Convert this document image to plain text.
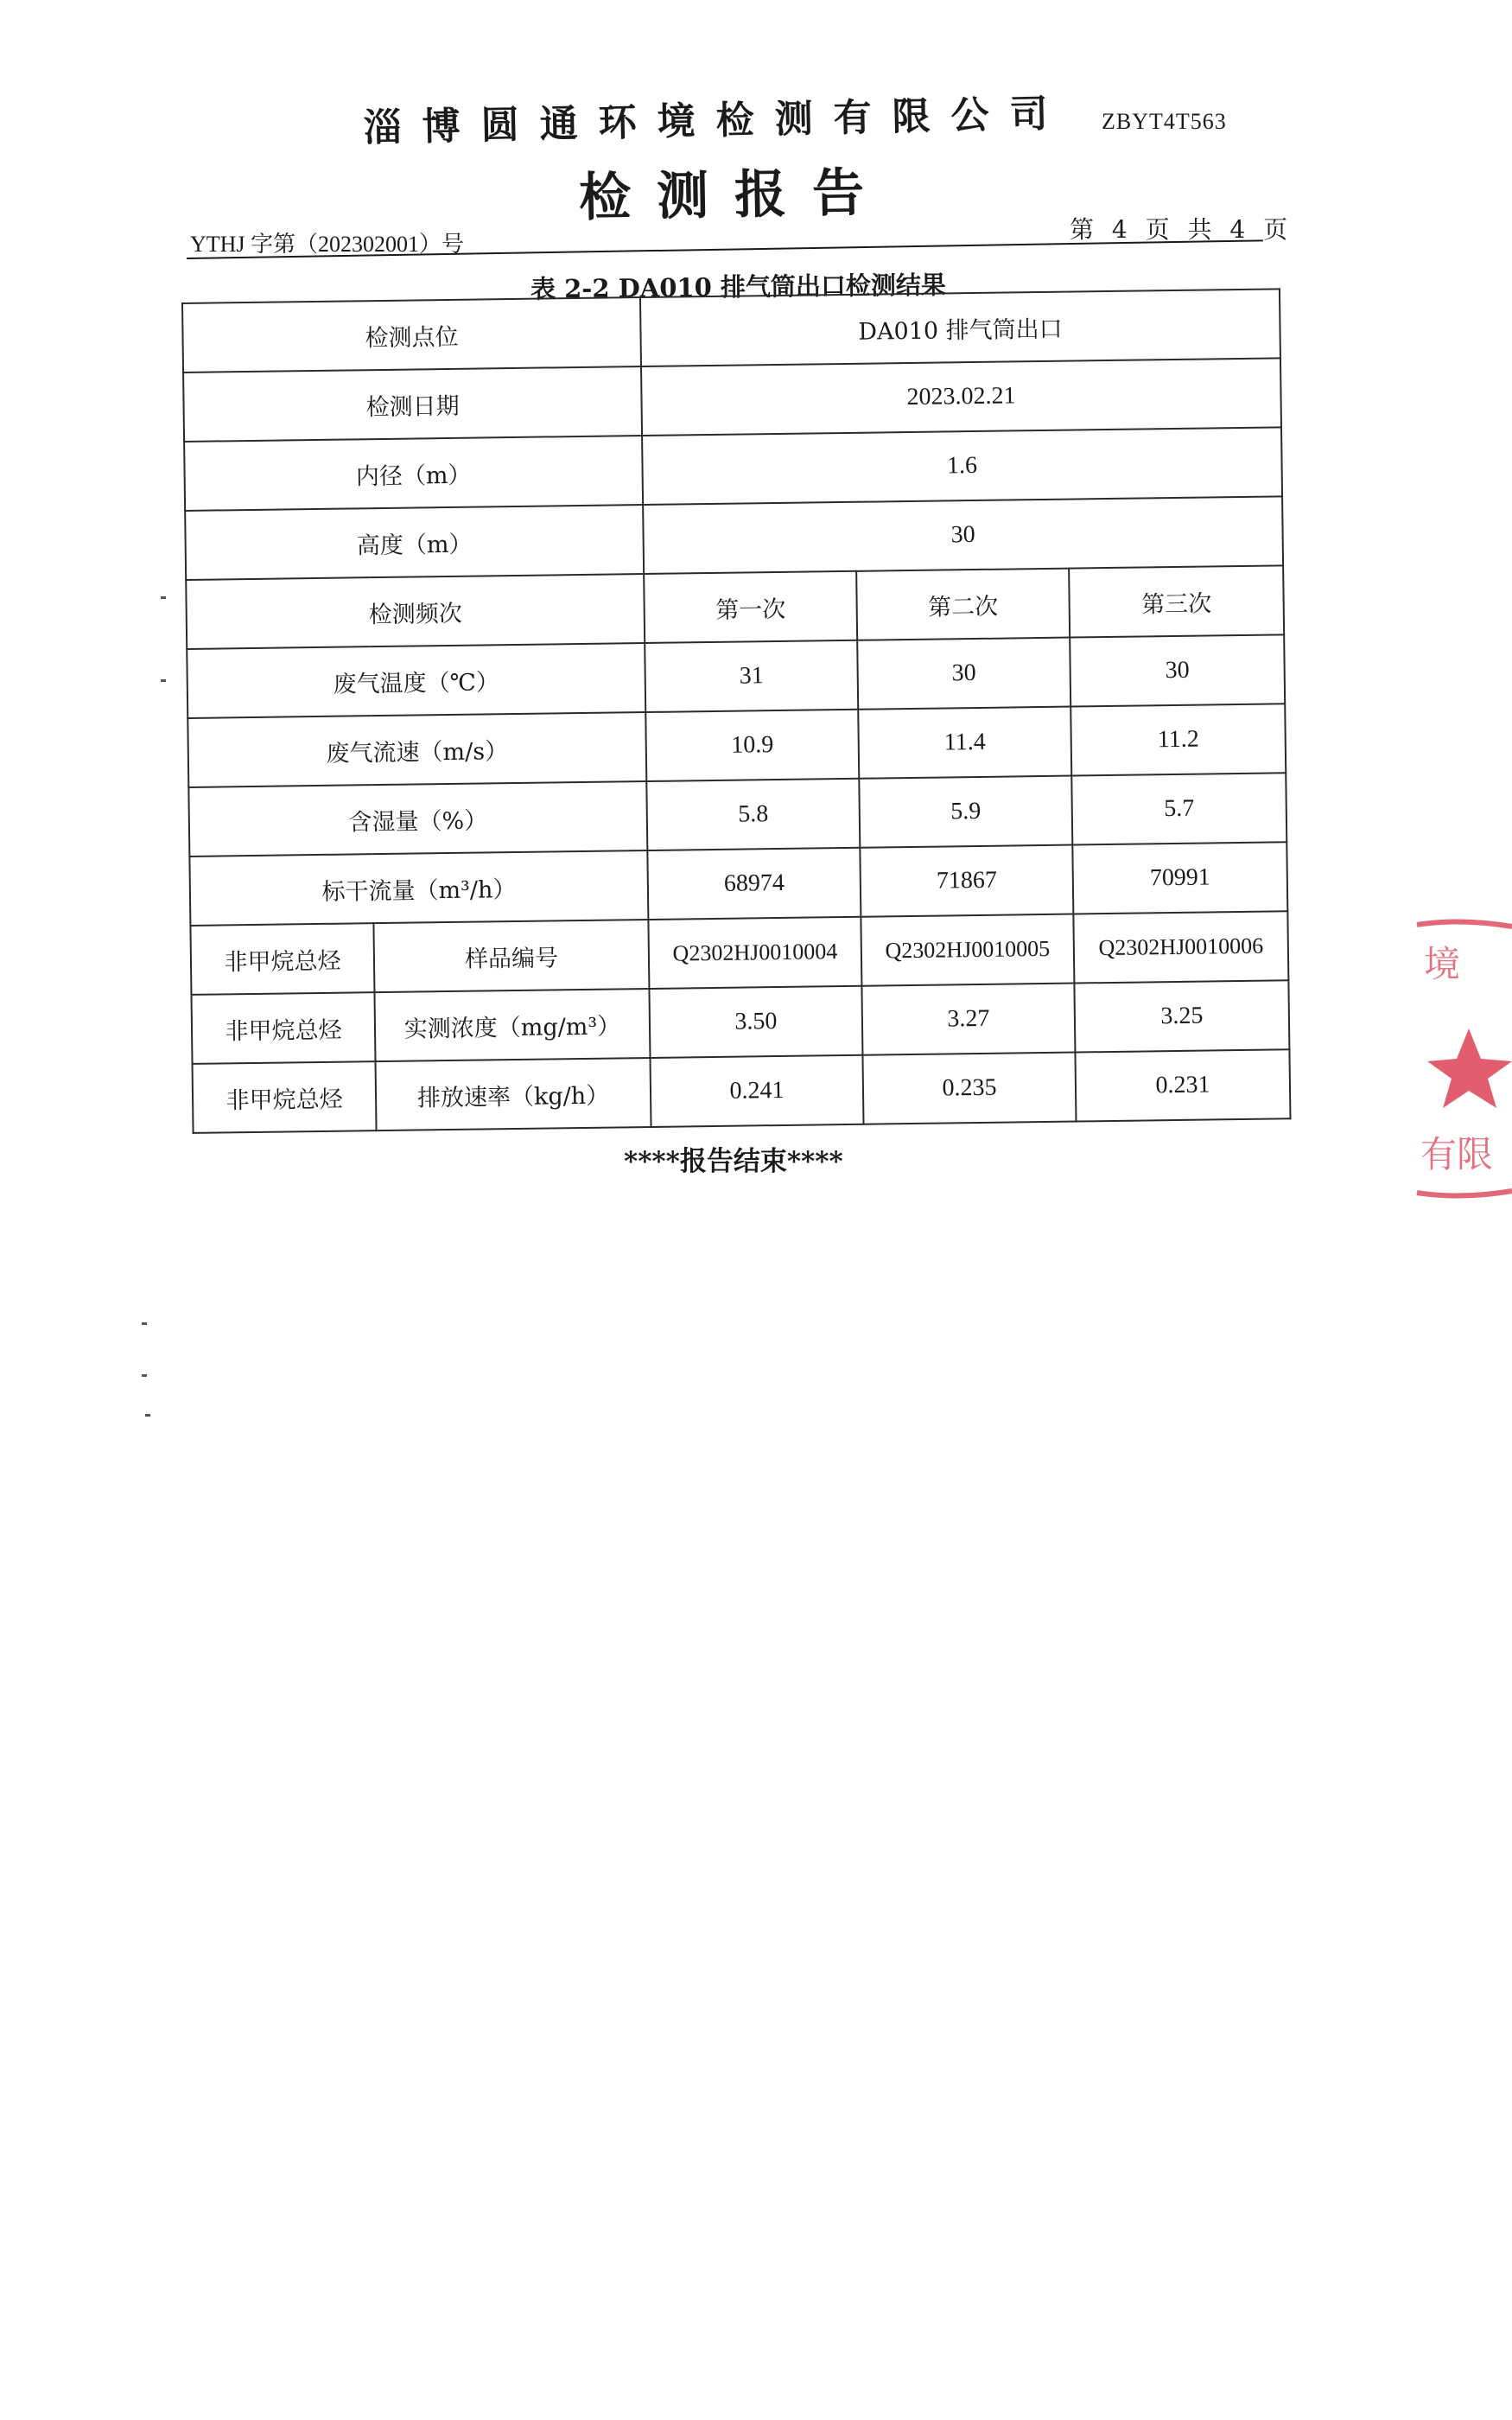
淄博圆通环境检测有限公司 ZBYT4T563
检测报告
YTHJ 字第（202302001）号
第 4 页 共 4 页
表 2-2 DA010 排气筒出口检测结果
检测点位		DA010 排气筒出口		
检测日期		2023.02.21		
内径（m）		1.6		
高度（m）		30		
检测频次		第一次	第二次	第三次
废气温度（℃）		31	30	30
废气流速（m/s）		10.9	11.4	11.2
含湿量（%）		5.8	5.9	5.7
标干流量（m³/h）		68974	71867	70991
非甲烷总烃	样品编号	Q2302HJ0010004	Q2302HJ0010005	Q2302HJ0010006
非甲烷总烃	实测浓度（mg/m³）	3.50	3.27	3.25
非甲烷总烃	排放速率（kg/h）	0.241	0.235	0.231
****报告结束****
境
有限
